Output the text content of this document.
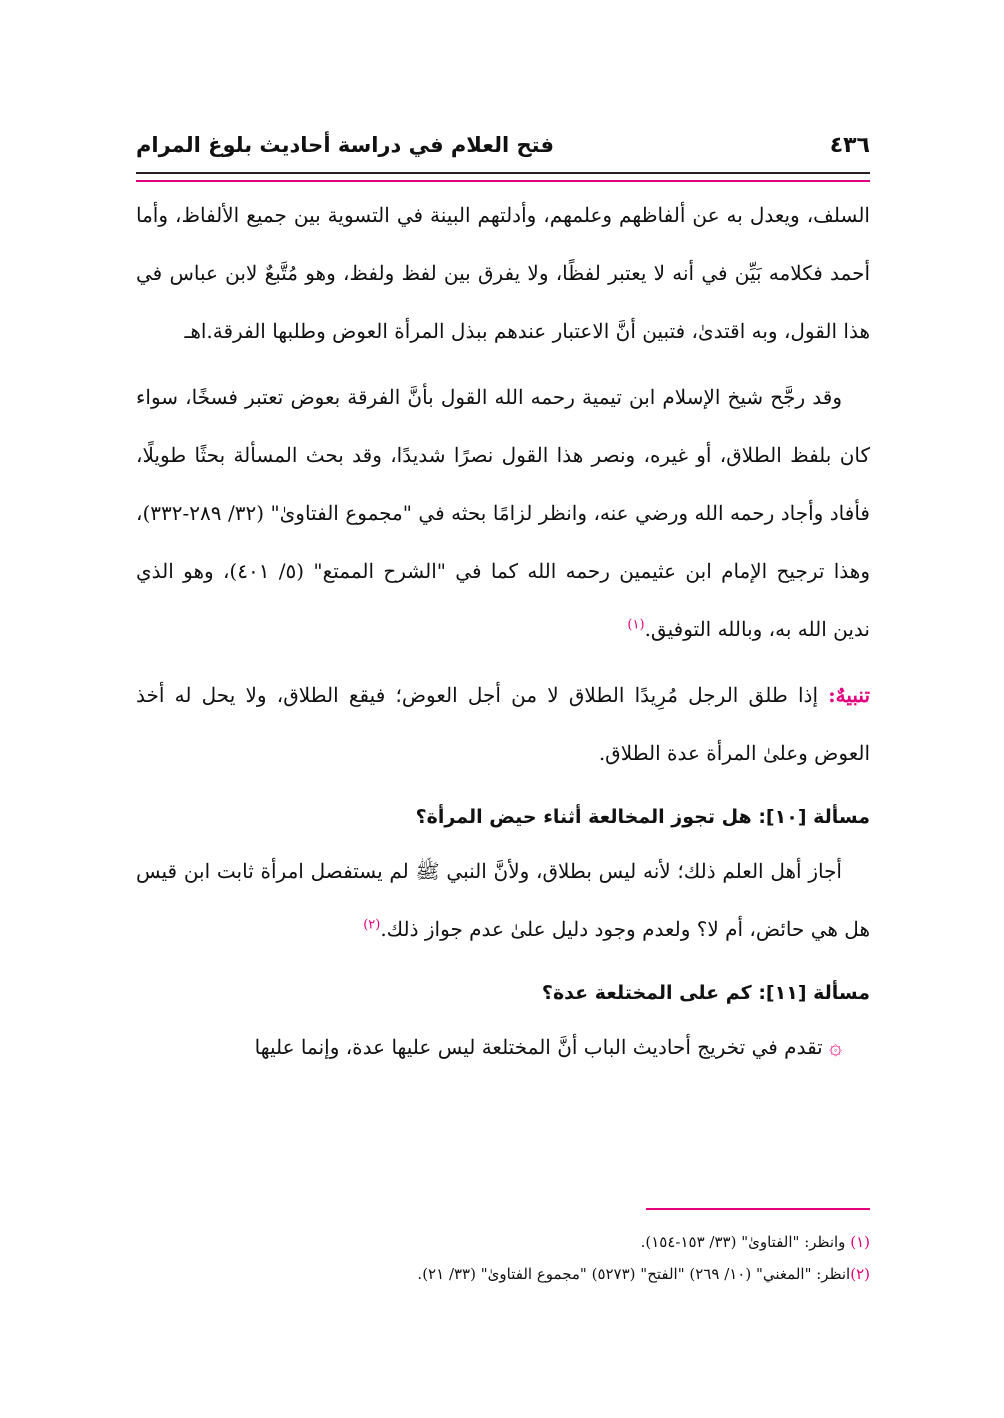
فتح العلام في دراسة أحاديث بلوغ المرام	٤٣٦

السلف، ويعدل به عن ألفاظهم وعلمهم، وأدلتهم البينة في التسوية بين جميع الألفاظ، وأما أحمد فكلامه بَيِّن في أنه لا يعتبر لفظًا، ولا يفرق بين لفظ ولفظ، وهو مُتَّبعٌ لابن عباس في هذا القول، وبه اقتدىٰ، فتبين أنَّ الاعتبار عندهم ببذل المرأة العوض وطلبها الفرقة.اهـ

وقد رجَّح شيخ الإسلام ابن تيمية رحمه الله القول بأنَّ الفرقة بعوض تعتبر فسخًا، سواء كان بلفظ الطلاق، أو غيره، ونصر هذا القول نصرًا شديدًا، وقد بحث المسألة بحثًا طويلًا، فأفاد وأجاد رحمه الله ورضي عنه، وانظر لزامًا بحثه في "مجموع الفتاوىٰ" (٣٢/ ٢٨٩-٣٣٢)، وهذا ترجيح الإمام ابن عثيمين رحمه الله كما في "الشرح الممتع" (٥/ ٤٠١)، وهو الذي ندين الله به، وبالله التوفيق.$^{(١)}$

تنبيهٌ: إذا طلق الرجل مُرِيدًا الطلاق لا من أجل العوض؛ فيقع الطلاق، ولا يحل له أخذ العوض وعلىٰ المرأة عدة الطلاق.

مسألة [١٠]: هل تجوز المخالعة أثناء حيض المرأة؟

أجاز أهل العلم ذلك؛ لأنه ليس بطلاق، ولأنَّ النبي ﷺ لم يستفصل امرأة ثابت ابن قيس هل هي حائض، أم لا؟ ولعدم وجود دليل علىٰ عدم جواز ذلك.$^{(٢)}$

مسألة [١١]: كم على المختلعة عدة؟

۞ تقدم في تخريج أحاديث الباب أنَّ المختلعة ليس عليها عدة، وإنما عليها

(١) وانظر: "الفتاوىٰ" (٣٣/ ١٥٣-١٥٤).

(٢)انظر: "المغني" (١٠/ ٢٦٩) "الفتح" (٥٢٧٣) "مجموع الفتاوىٰ" (٣٣/ ٢١).
